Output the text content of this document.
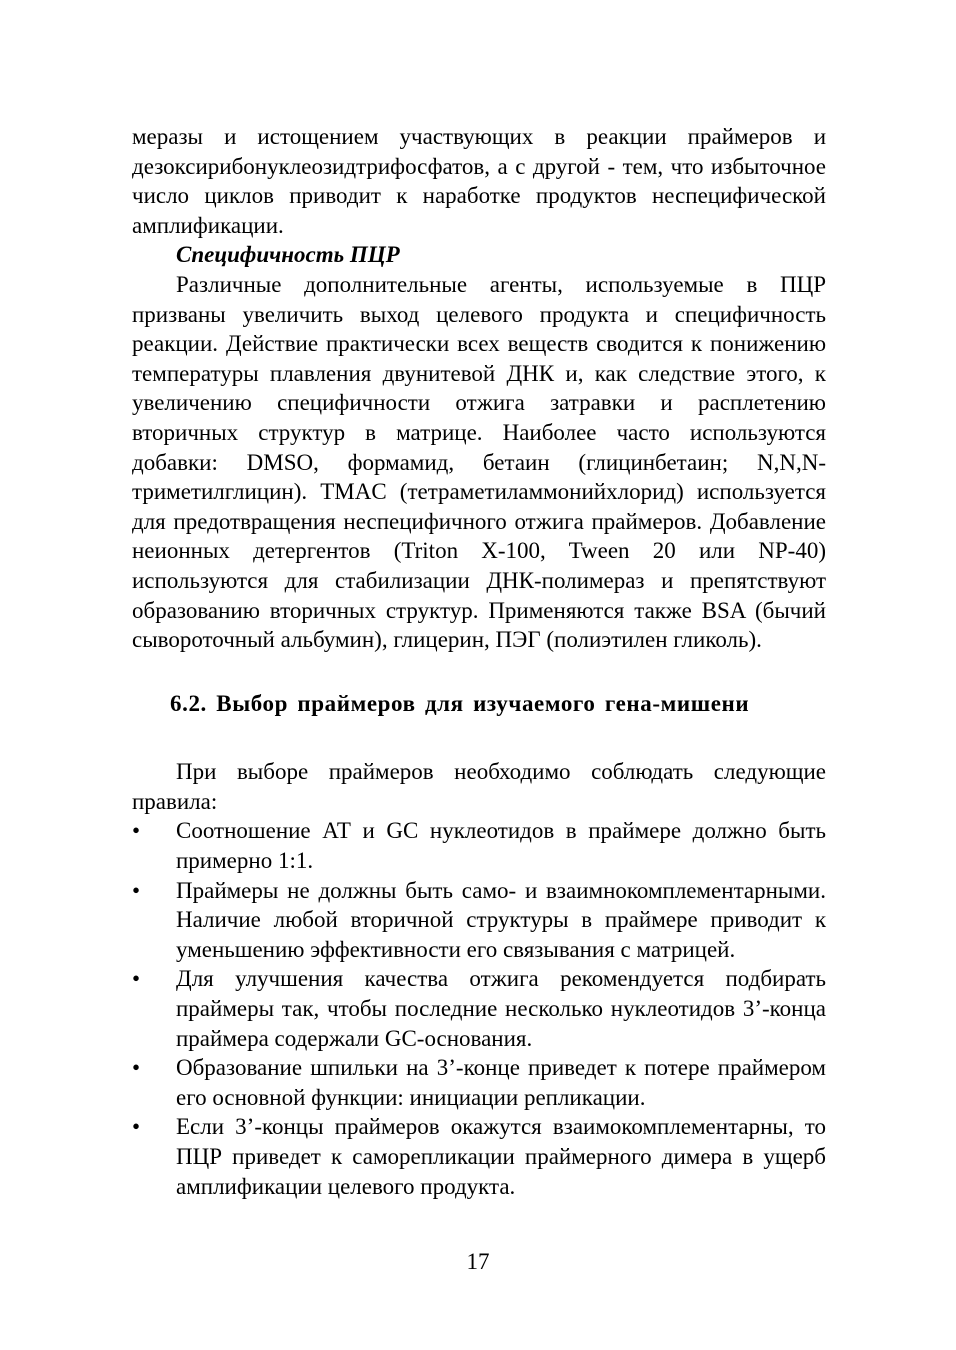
меразы и истощением участвующих в реакции праймеров и дезоксирибонуклеозидтрифосфатов, а с другой - тем, что избыточное число циклов приводит к наработке продуктов неспецифической амплификации.

Специфичность ПЦР

Различные дополнительные агенты, используемые в ПЦР призваны увеличить выход целевого продукта и специфичность реакции. Действие практически всех веществ сводится к понижению температуры плавления двунитевой ДНК и, как следствие этого, к увеличению специфичности отжига затравки и расплетению вторичных структур в матрице. Наиболее часто используются добавки: DMSO, формамид, бетаин (глицинбетаин; N,N,N-триметилглицин). TMAC (тетраметиламмонийхлорид) используется для предотвращения неспецифичного отжига праймеров. Добавление неионных детергентов (Triton X-100, Tween 20 или NP-40) используются для стабилизации ДНК-полимераз и препятствуют образованию вторичных структур. Применяются также BSA (бычий сывороточный альбумин), глицерин, ПЭГ (полиэтилен гликоль).

6.2. Выбор праймеров для изучаемого гена-мишени

При выборе праймеров необходимо соблюдать следующие правила:

• Соотношение АТ и GC нуклеотидов в праймере должно быть примерно 1:1.
• Праймеры не должны быть само- и взаимнокомплементарными. Наличие любой вторичной структуры в праймере приводит к уменьшению эффективности его связывания с матрицей.
• Для улучшения качества отжига рекомендуется подбирать праймеры так, чтобы последние несколько нуклеотидов 3’-конца праймера содержали GC-основания.
• Образование шпильки на 3’-конце приведет к потере праймером его основной функции: инициации репликации.
• Если 3’-концы праймеров окажутся взаимокомплементарны, то ПЦР приведет к саморепликации праймерного димера в ущерб амплификации целевого продукта.
17
